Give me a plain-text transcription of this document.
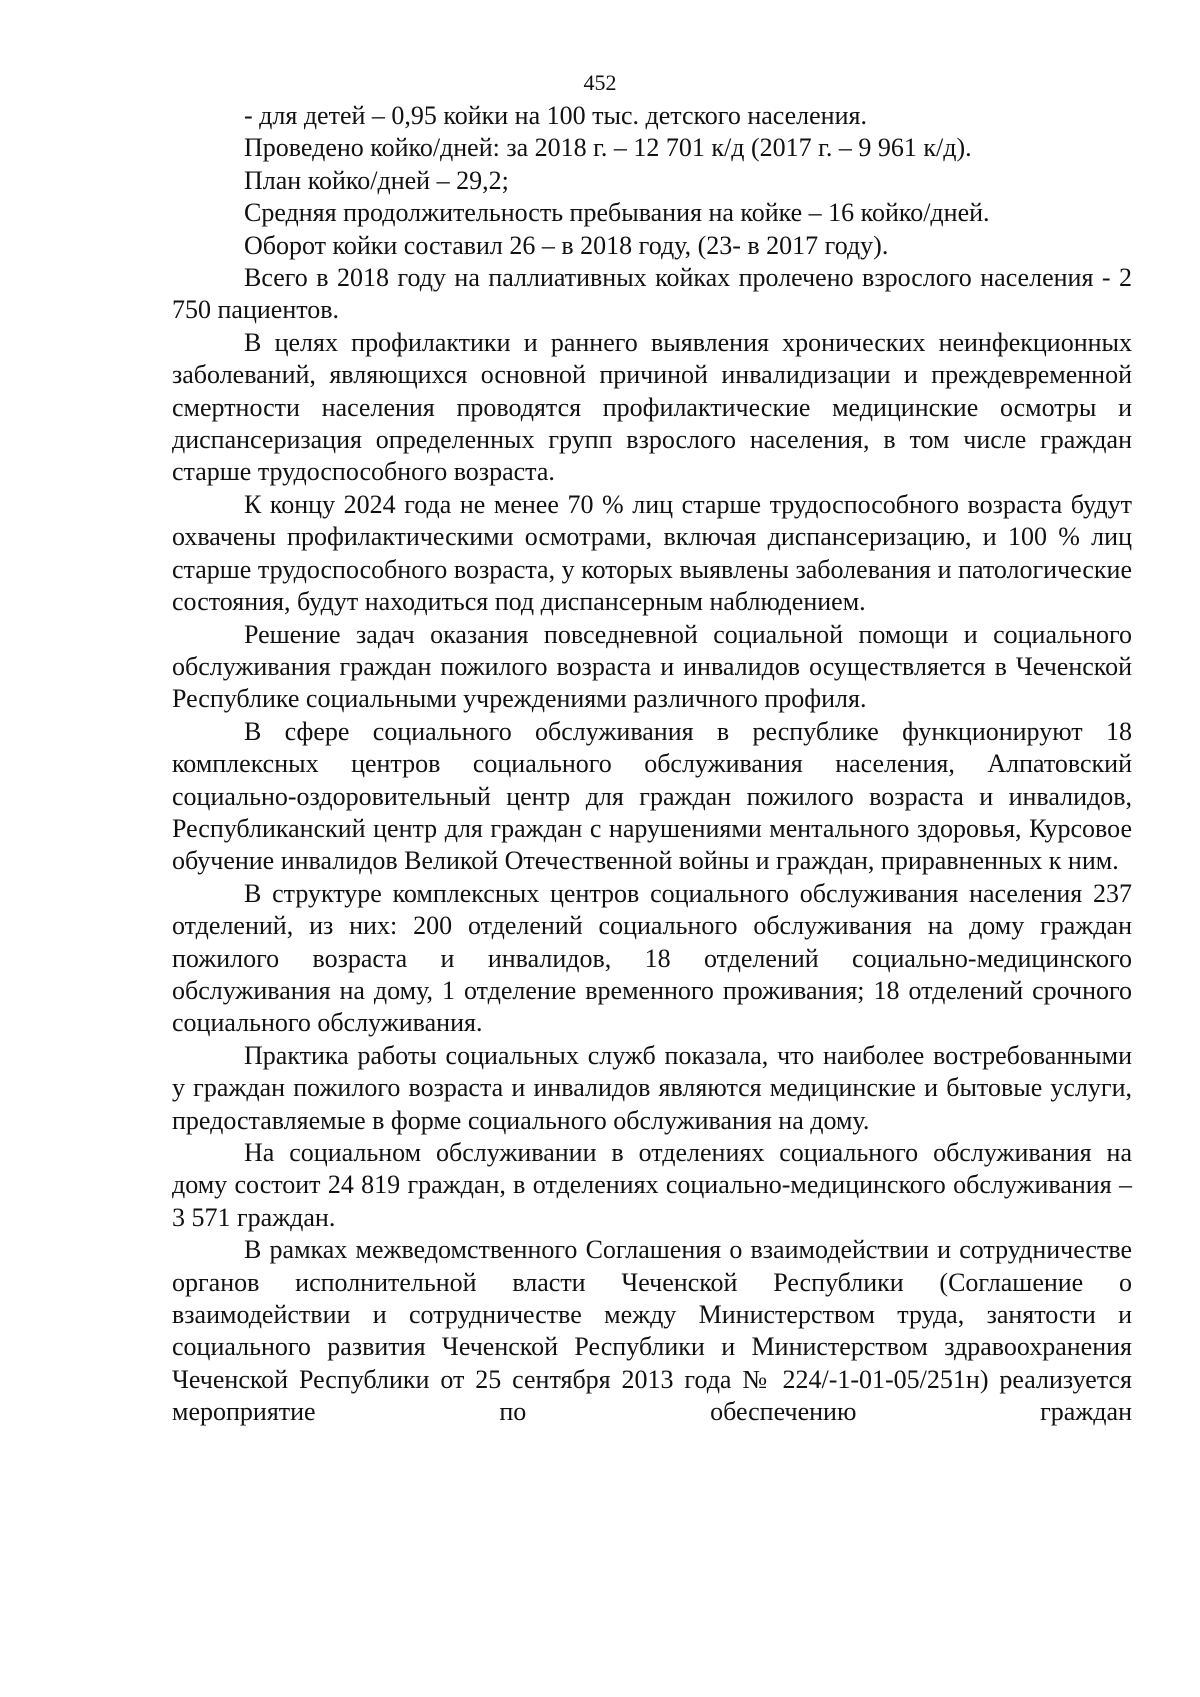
452

- для детей – 0,95 койки на 100 тыс. детского населения.

Проведено койко/дней: за 2018 г. – 12 701 к/д (2017 г. – 9 961 к/д).

План койко/дней – 29,2;

Средняя продолжительность пребывания на койке – 16 койко/дней.

Оборот койки составил 26 – в 2018 году, (23- в 2017 году).

Всего в 2018 году на паллиативных койках пролечено взрослого населения - 2 750 пациентов.

В целях профилактики и раннего выявления хронических неинфекционных заболеваний, являющихся основной причиной инвалидизации и преждевременной смертности населения проводятся профилактические медицинские осмотры и диспансеризация определенных групп взрослого населения, в том числе граждан старше трудоспособного возраста.

К концу 2024 года не менее 70 % лиц старше трудоспособного возраста будут охвачены профилактическими осмотрами, включая диспансеризацию, и 100 % лиц старше трудоспособного возраста, у которых выявлены заболевания и патологические состояния, будут находиться под диспансерным наблюдением.

Решение задач оказания повседневной социальной помощи и социального обслуживания граждан пожилого возраста и инвалидов осуществляется в Чеченской Республике социальными учреждениями различного профиля.

В сфере социального обслуживания в республике функционируют 18 комплексных центров социального обслуживания населения, Алпатовский социально-оздоровительный центр для граждан пожилого возраста и инвалидов, Республиканский центр для граждан с нарушениями ментального здоровья, Курсовое обучение инвалидов Великой Отечественной войны и граждан, приравненных к ним.

В структуре комплексных центров социального обслуживания населения 237 отделений, из них: 200 отделений социального обслуживания на дому граждан пожилого возраста и инвалидов, 18 отделений социально-медицинского обслуживания на дому, 1 отделение временного проживания; 18 отделений срочного социального обслуживания.

Практика работы социальных служб показала, что наиболее востребованными у граждан пожилого возраста и инвалидов являются медицинские и бытовые услуги, предоставляемые в форме социального обслуживания на дому.

На социальном обслуживании в отделениях социального обслуживания на дому состоит 24 819 граждан, в отделениях социально-медицинского обслуживания – 3 571 граждан.

В рамках межведомственного Соглашения о взаимодействии и сотрудничестве органов исполнительной власти Чеченской Республики (Соглашение о взаимодействии и сотрудничестве между Министерством труда, занятости и социального развития Чеченской Республики и Министерством здравоохранения Чеченской Республики от 25 сентября 2013 года № 224/-1-01-05/251н) реализуется мероприятие по обеспечению граждан
